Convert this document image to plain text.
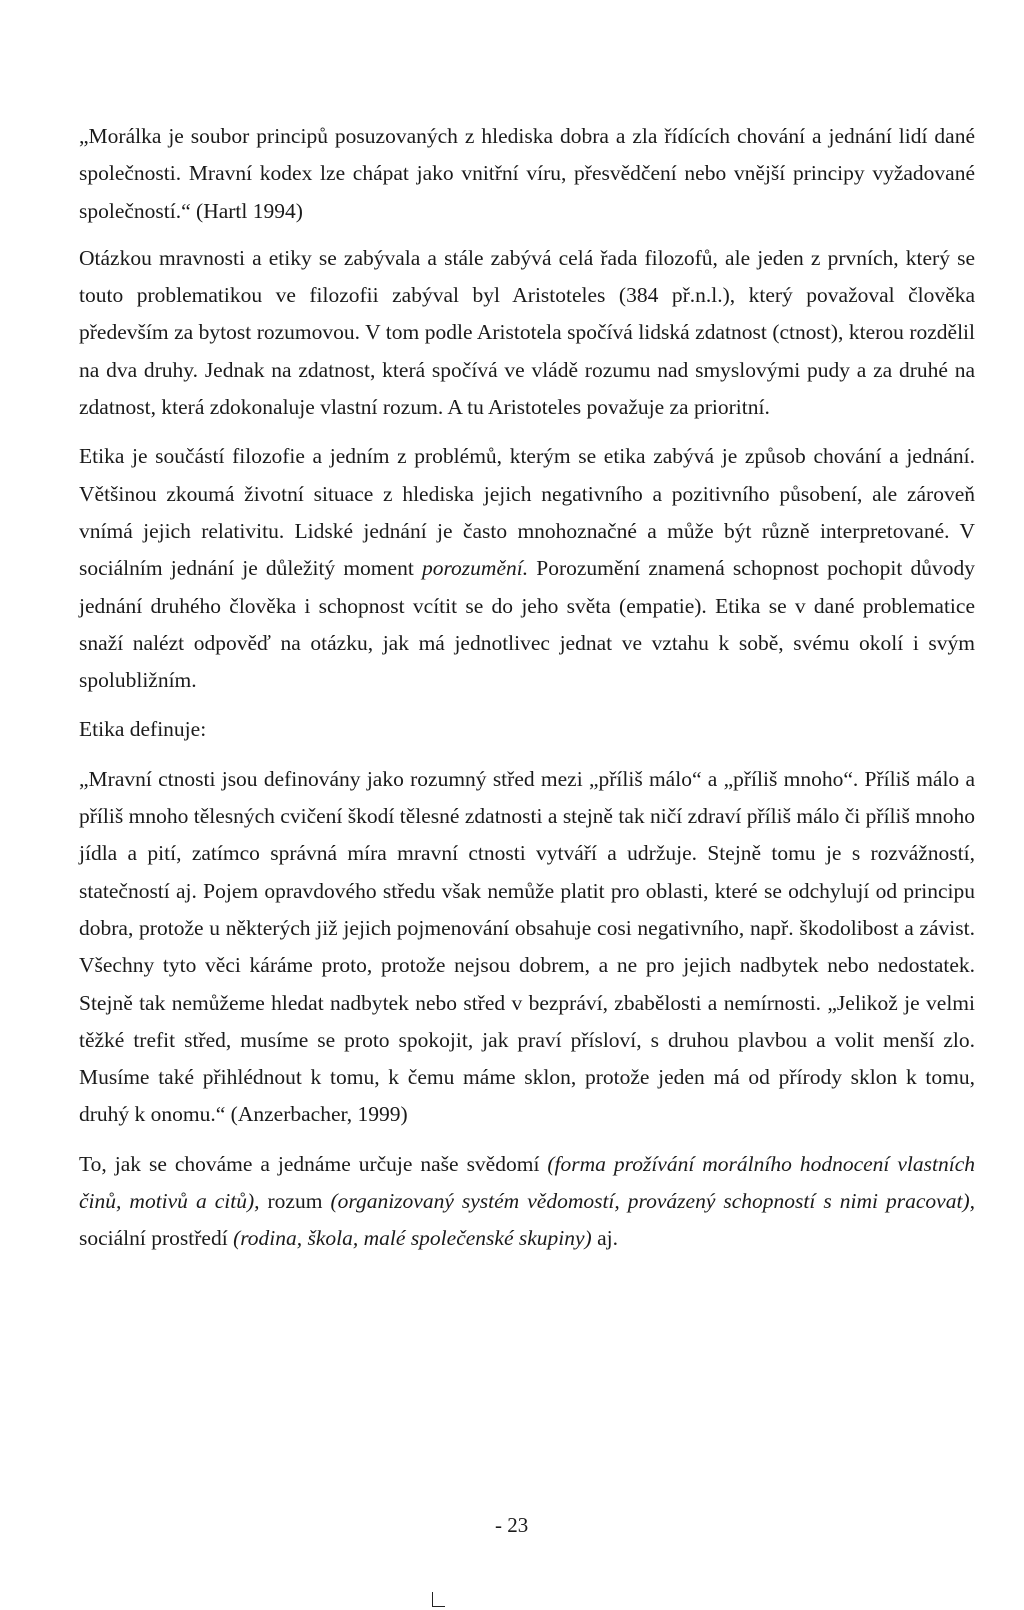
„Morálka je soubor principů posuzovaných z hlediska dobra a zla řídících chování a jednání lidí dané společnosti. Mravní kodex lze chápat jako vnitřní víru, přesvědčení nebo vnější principy vyžadované společností.“ (Hartl 1994)

Otázkou mravnosti a etiky se zabývala a stále zabývá celá řada filozofů, ale jeden z prvních, který se touto problematikou ve filozofii zabýval byl Aristoteles (384 př.n.l.), který považoval člověka především za bytost rozumovou. V tom podle Aristotela spočívá lidská zdatnost (ctnost), kterou rozdělil na dva druhy. Jednak na zdatnost, která spočívá ve vládě rozumu nad smyslovými pudy a za druhé na zdatnost, která zdokonaluje vlastní rozum. A tu Aristoteles považuje za prioritní.

Etika je součástí filozofie a jedním z problémů, kterým se etika zabývá je způsob chování a jednání. Většinou zkoumá životní situace z hlediska jejich negativního a pozitivního působení, ale zároveň vnímá jejich relativitu. Lidské jednání je často mnohoznačné a může být různě interpretované. V sociálním jednání je důležitý moment porozumění. Porozumění znamená schopnost pochopit důvody jednání druhého člověka i schopnost vcítit se do jeho světa (empatie). Etika se v dané problematice snaží nalézt odpověď na otázku, jak má jednotlivec jednat ve vztahu k sobě, svému okolí i svým spolubližním.

Etika definuje:

„Mravní ctnosti jsou definovány jako rozumný střed mezi „příliš málo“ a „příliš mnoho“. Příliš málo a příliš mnoho tělesných cvičení škodí tělesné zdatnosti a stejně tak ničí zdraví příliš málo či příliš mnoho jídla a pití, zatímco správná míra mravní ctnosti vytváří a udržuje. Stejně tomu je s rozvážností, statečností aj. Pojem opravdového středu však nemůže platit pro oblasti, které se odchylují od principu dobra, protože u některých již jejich pojmenování obsahuje cosi negativního, např. škodolibost a závist. Všechny tyto věci káráme proto, protože nejsou dobrem, a ne pro jejich nadbytek nebo nedostatek. Stejně tak nemůžeme hledat nadbytek nebo střed v bezpráví, zbabělosti a nemírnosti. „Jelikož je velmi těžké trefit střed, musíme se proto spokojit, jak praví přísloví, s druhou plavbou a volit menší zlo. Musíme také přihlédnout k tomu, k čemu máme sklon, protože jeden má od přírody sklon k tomu, druhý k onomu.“ (Anzerbacher, 1999)

To, jak se chováme a jednáme určuje naše svědomí (forma prožívání morálního hodnocení vlastních činů, motivů a citů), rozum (organizovaný systém vědomostí, provázený schopností s nimi pracovat), sociální prostředí (rodina, škola, malé společenské skupiny) aj.

- 23
